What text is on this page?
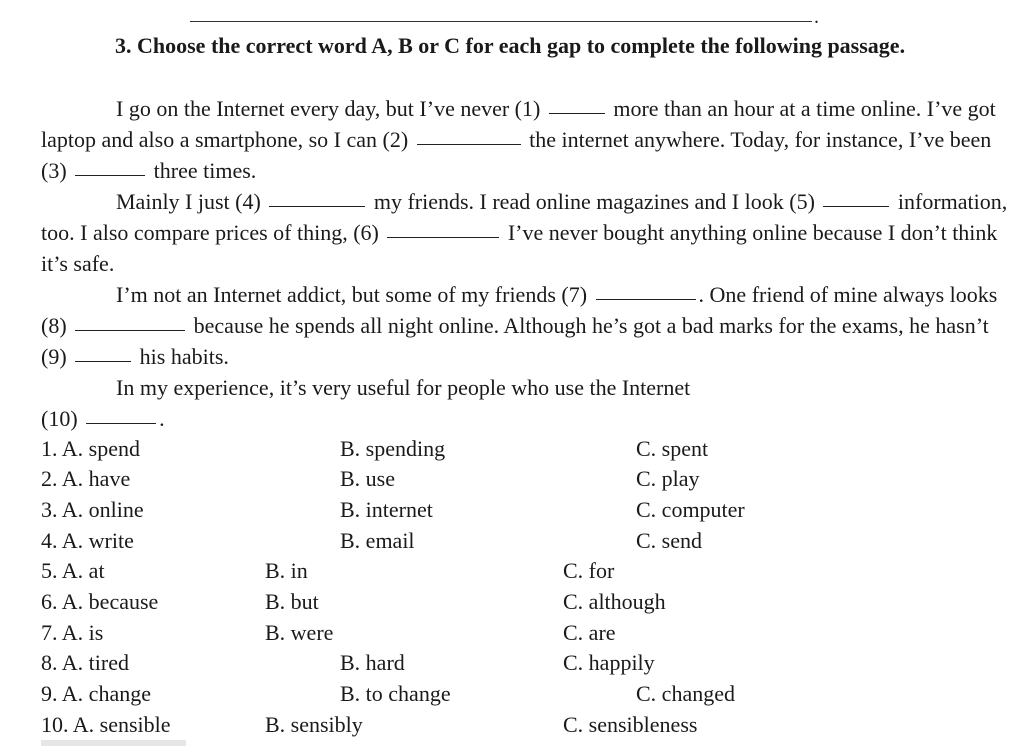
.

3. Choose the correct word A, B or C for each gap to complete the following passage.

I go on the Internet every day, but I’ve never (1)	more than an hour at a time online. I’ve got laptop and also a smartphone, so I can (2)	the internet anywhere. Today, for instance, I’ve been (3)	three times.

Mainly I just (4)	my friends. I read online magazines and I look (5)	information, too. I also compare prices of thing, (6)	I’ve never bought anything online because I don’t think it’s safe.

I’m not an Internet addict, but some of my friends (7)	. One friend of mine always looks (8)	because he spends all night online. Although he’s got a bad marks for the exams, he hasn’t (9)	his habits.

In my experience, it’s very useful for people who use the Internet
(10)	.

1. A. spend	B. spending	C. spent
2. A. have	B. use	C. play
3. A. online	B. internet	C. computer
4. A. write	B. email	C. send
5. A. at	B. in	C. for
6. A. because	B. but	C. although
7. A. is	B. were	C. are
8. A. tired	B. hard	C. happily
9. A. change	B. to change	C. changed
10. A. sensible	B. sensibly	C. sensibleness
